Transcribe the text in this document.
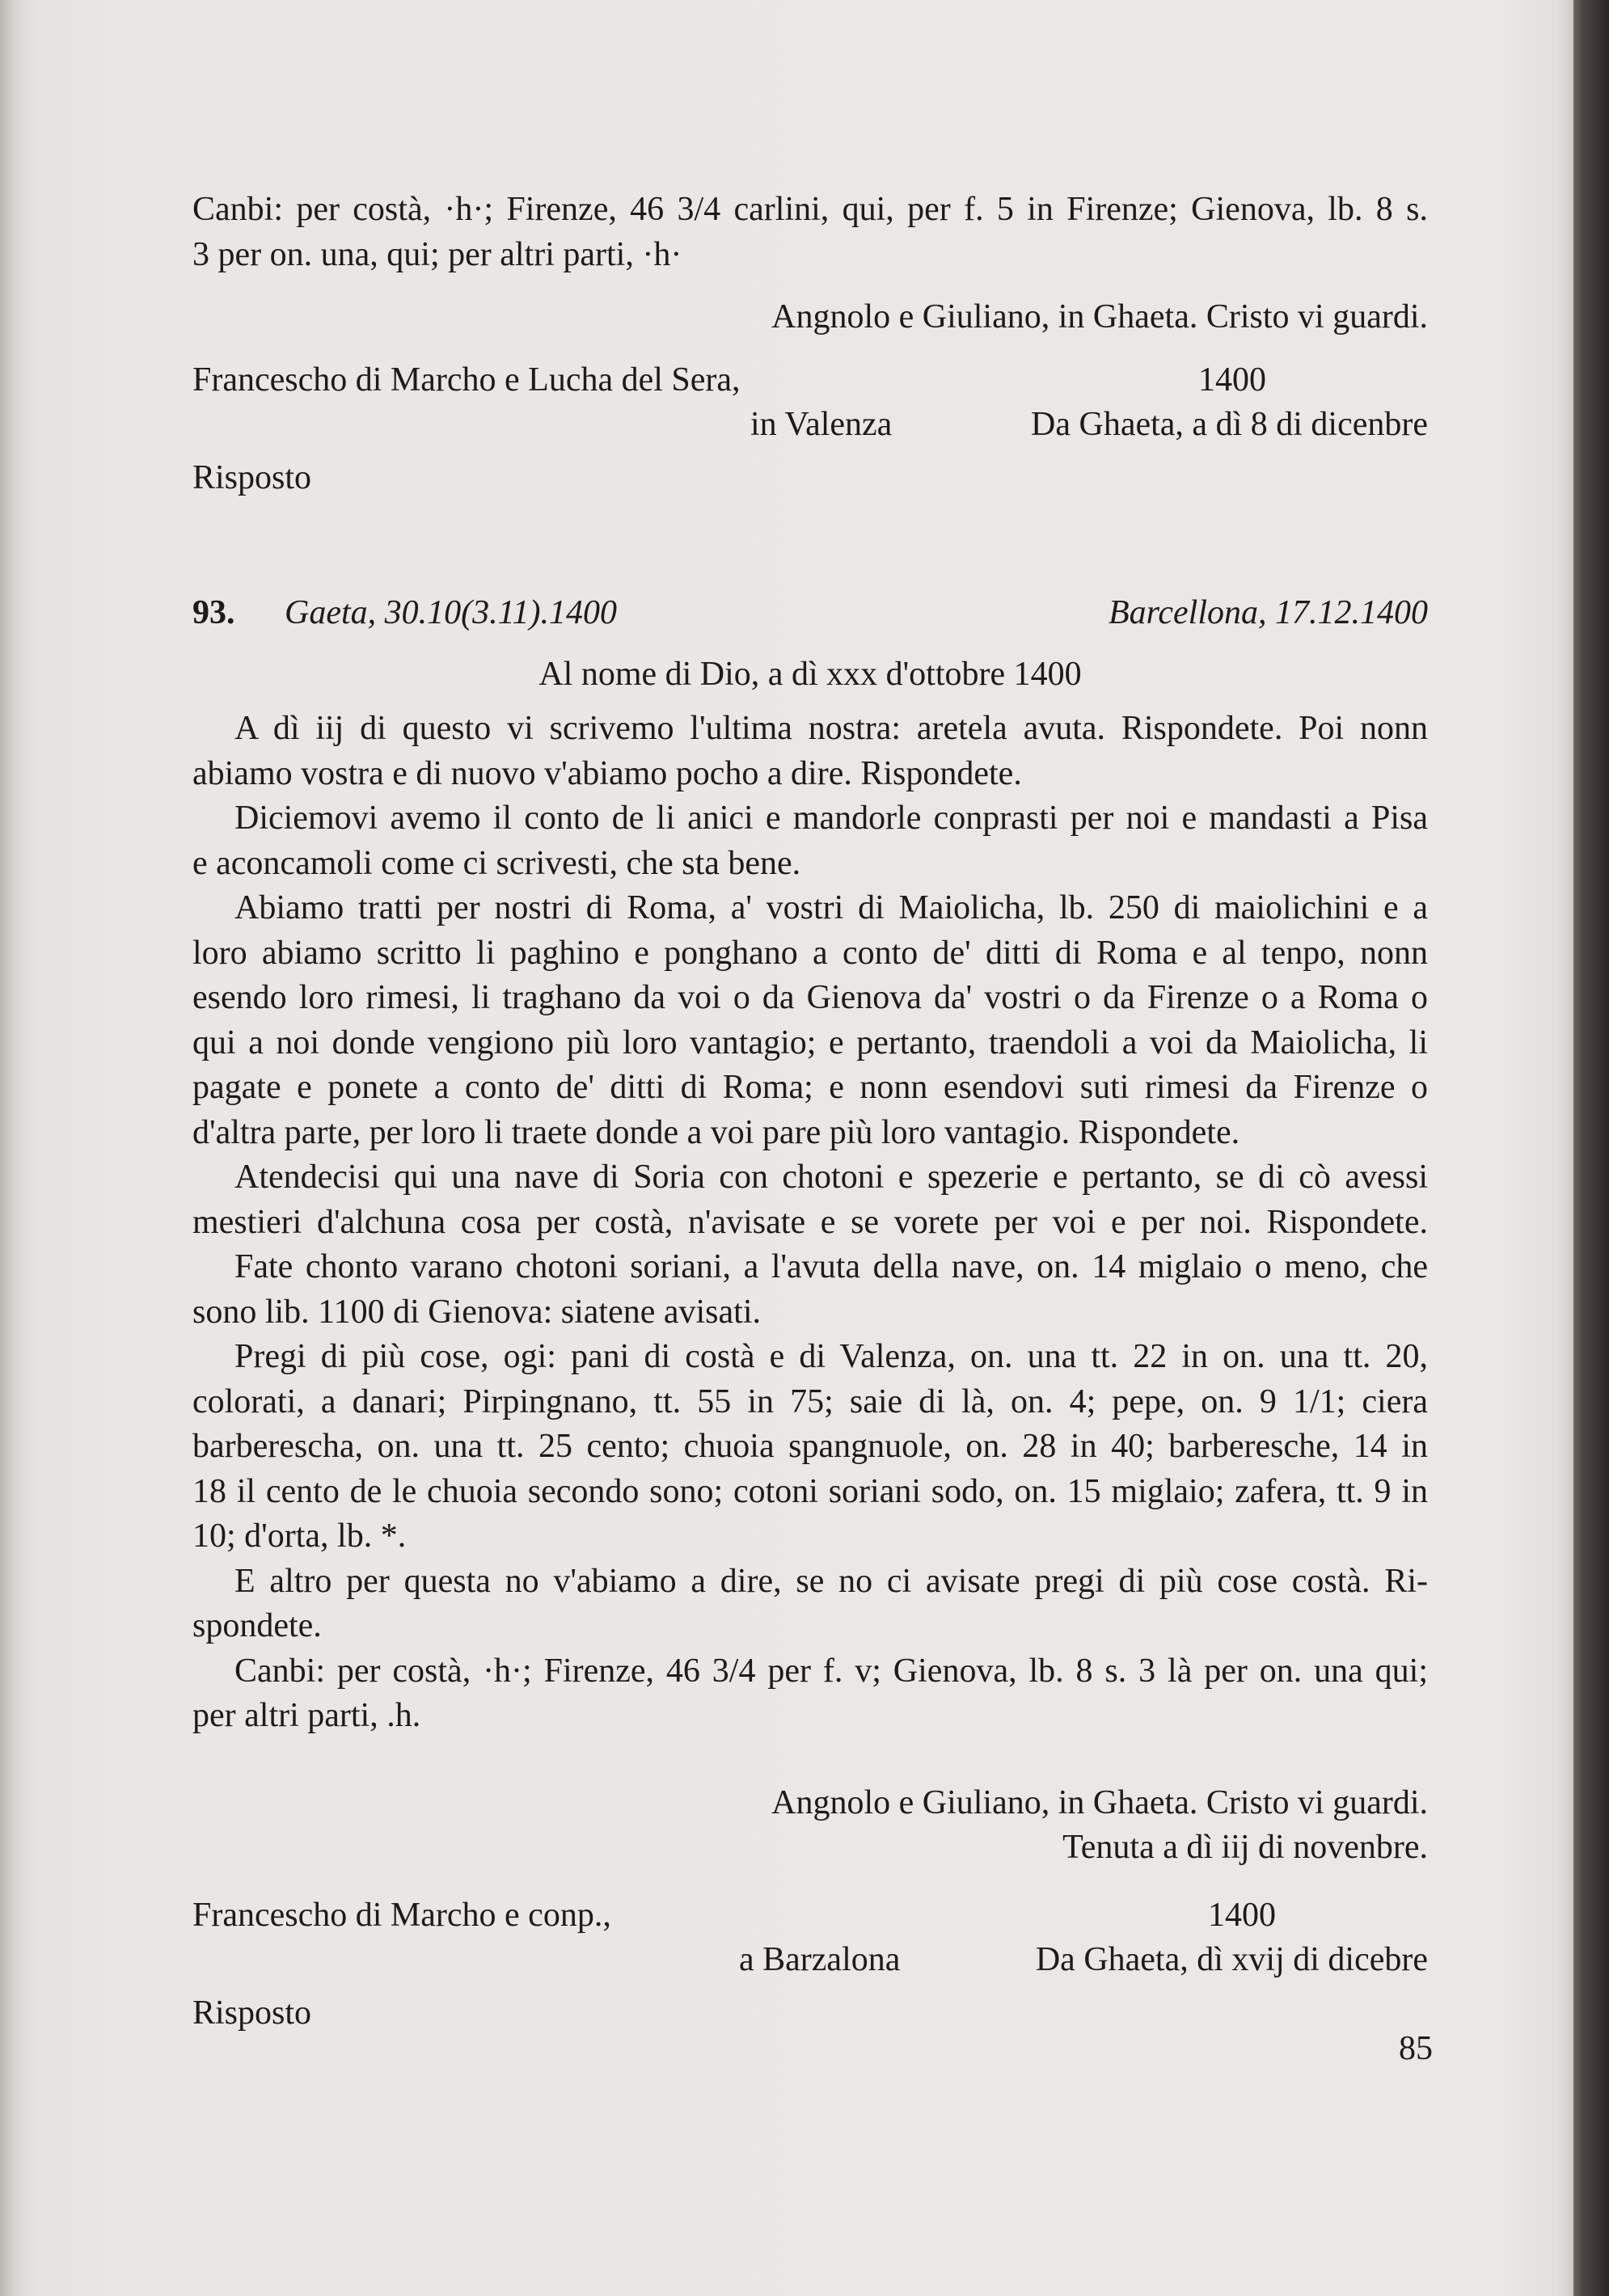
Canbi: per costà, ·h·; Firenze, 46 3/4 carlini, qui, per f. 5 in Firenze; Gienova, lb. 8 s.
3 per on. una, qui; per altri parti, ·h·
Angnolo e Giuliano, in Ghaeta. Cristo vi guardi.
Francescho di Marcho e Lucha del Sera,	1400
in Valenza	Da Ghaeta, a dì 8 di dicenbre
Risposto
93. Gaeta, 30.10(3.11).1400	Barcellona, 17.12.1400
Al nome di Dio, a dì xxx d'ottobre 1400
A dì iij di questo vi scrivemo l'ultima nostra: aretela avuta. Rispondete. Poi nonn
abiamo vostra e di nuovo v'abiamo pocho a dire. Rispondete.
Diciemovi avemo il conto de li anici e mandorle conprasti per noi e mandasti a Pisa
e aconcamoli come ci scrivesti, che sta bene.
Abiamo tratti per nostri di Roma, a' vostri di Maiolicha, lb. 250 di maiolichini e a
loro abiamo scritto li paghino e ponghano a conto de' ditti di Roma e al tenpo, nonn
esendo loro rimesi, li traghano da voi o da Gienova da' vostri o da Firenze o a Roma o
qui a noi donde vengiono più loro vantagio; e pertanto, traendoli a voi da Maiolicha, li
pagate e ponete a conto de' ditti di Roma; e nonn esendovi suti rimesi da Firenze o
d'altra parte, per loro li traete donde a voi pare più loro vantagio. Rispondete.
Atendecisi qui una nave di Soria con chotoni e spezerie e pertanto, se di cò avessi
mestieri d'alchuna cosa per costà, n'avisate e se vorete per voi e per noi. Rispondete.
Fate chonto varano chotoni soriani, a l'avuta della nave, on. 14 miglaio o meno, che
sono lib. 1100 di Gienova: siatene avisati.
Pregi di più cose, ogi: pani di costà e di Valenza, on. una tt. 22 in on. una tt. 20,
colorati, a danari; Pirpingnano, tt. 55 in 75; saie di là, on. 4; pepe, on. 9 1/1; ciera
barberescha, on. una tt. 25 cento; chuoia spangnuole, on. 28 in 40; barberesche, 14 in
18 il cento de le chuoia secondo sono; cotoni soriani sodo, on. 15 miglaio; zafera, tt. 9 in
10; d'orta, lb. *.
E altro per questa no v'abiamo a dire, se no ci avisate pregi di più cose costà. Ri-
spondete.
Canbi: per costà, ·h·; Firenze, 46 3/4 per f. v; Gienova, lb. 8 s. 3 là per on. una qui;
per altri parti, .h.
Angnolo e Giuliano, in Ghaeta. Cristo vi guardi.
Tenuta a dì iij di novenbre.
Francescho di Marcho e conp.,	1400
a Barzalona	Da Ghaeta, dì xvij di dicebre
Risposto
85
